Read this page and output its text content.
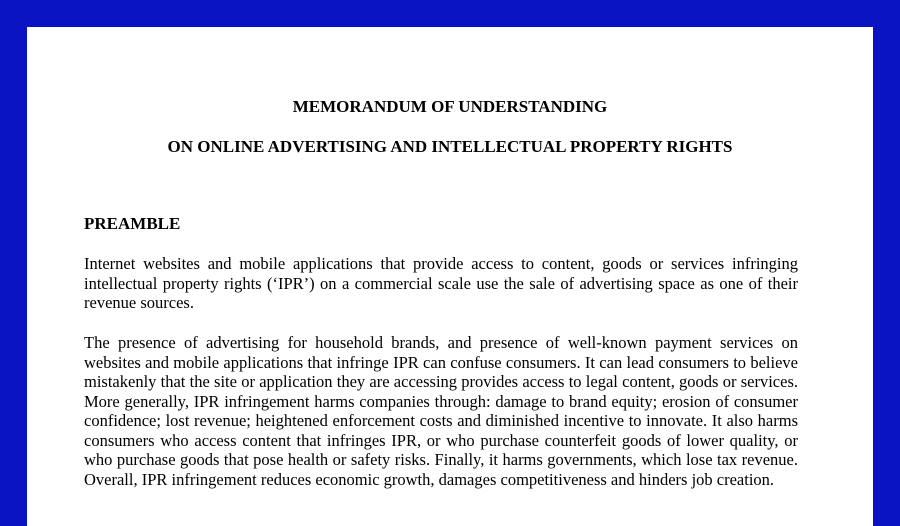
MEMORANDUM OF UNDERSTANDING
ON ONLINE ADVERTISING AND INTELLECTUAL PROPERTY RIGHTS
PREAMBLE

Internet websites and mobile applications that provide access to content, goods or services infringing intellectual property rights (‘IPR’) on a commercial scale use the sale of advertising space as one of their revenue sources.

The presence of advertising for household brands, and presence of well-known payment services on websites and mobile applications that infringe IPR can confuse consumers. It can lead consumers to believe mistakenly that the site or application they are accessing provides access to legal content, goods or services. More generally, IPR infringement harms companies through: damage to brand equity; erosion of consumer confidence; lost revenue; heightened enforcement costs and diminished incentive to innovate. It also harms consumers who access content that infringes IPR, or who purchase counterfeit goods of lower quality, or who purchase goods that pose health or safety risks. Finally, it harms governments, which lose tax revenue. Overall, IPR infringement reduces economic growth, damages competitiveness and hinders job creation.
